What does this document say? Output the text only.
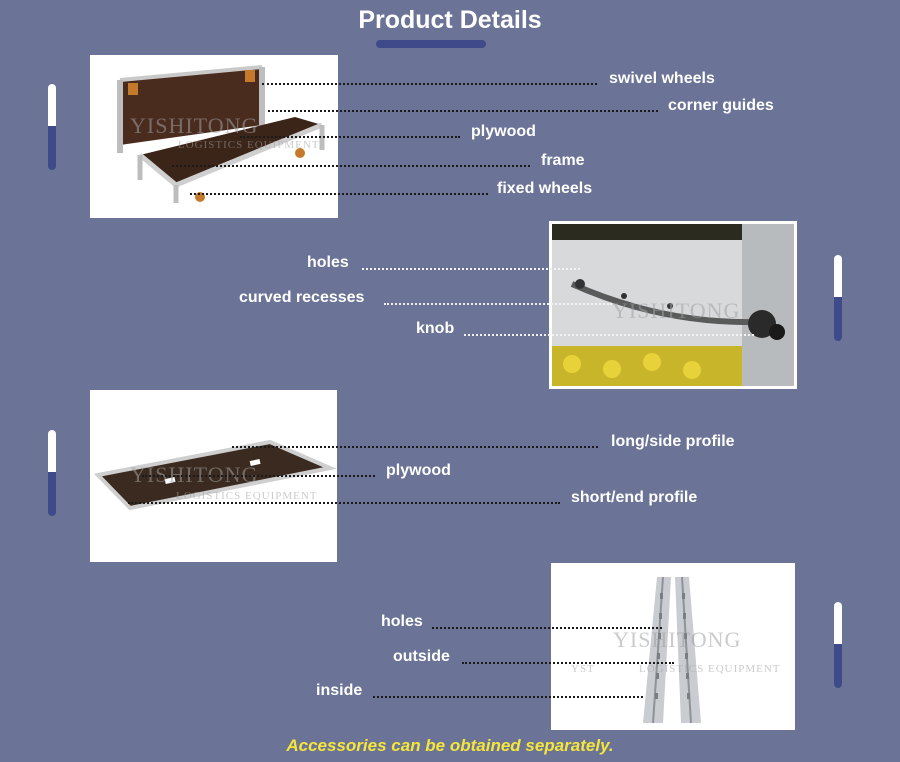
Product Details
YISHITONG
LOGISTICS EQUIPMENT
swivel wheels
corner guides
plywood
frame
fixed wheels
YISHITONG
holes
curved recesses
knob
YISHITONG
LOGISTICS EQUIPMENT
long/side profile
plywood
short/end profile
YISHITONG
YST	LOGISTICS EQUIPMENT
holes
outside
inside
Accessories can be obtained separately.
